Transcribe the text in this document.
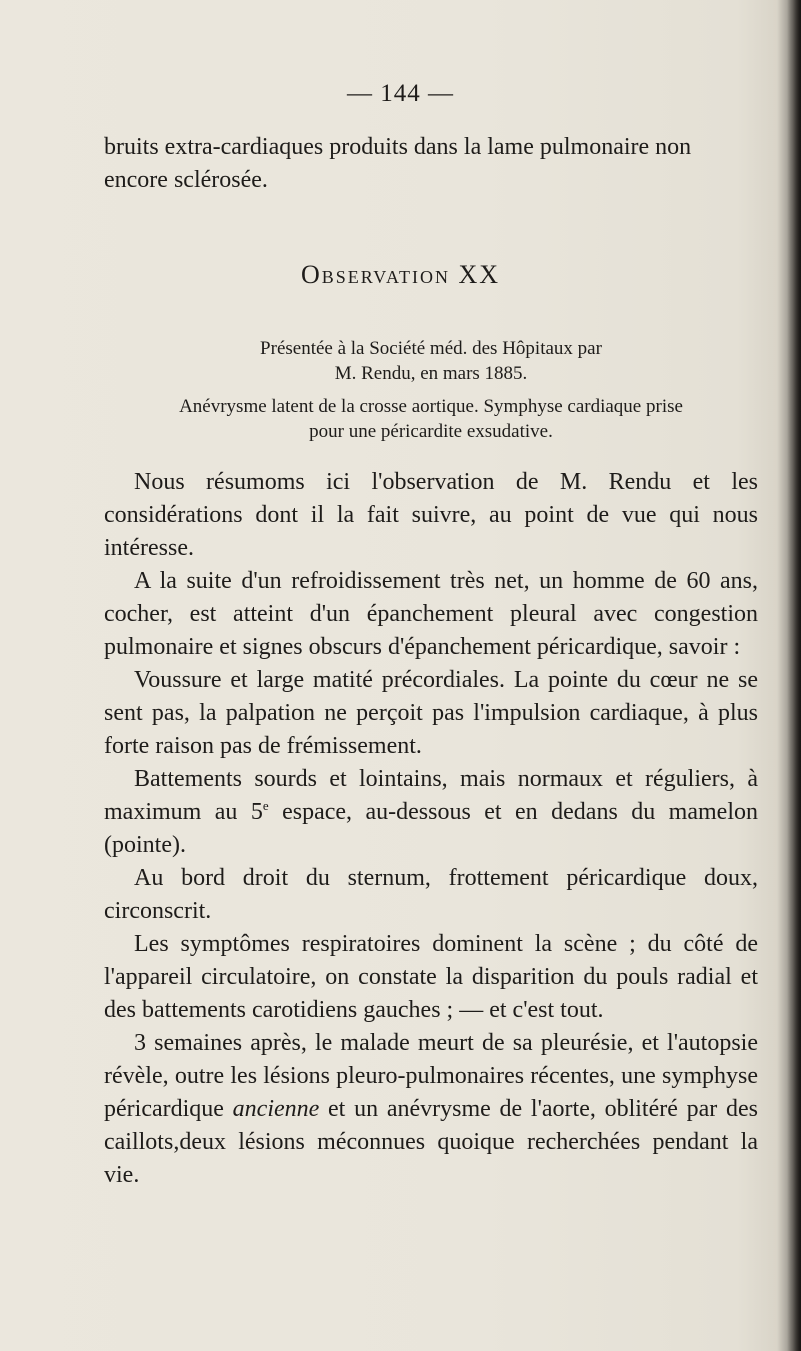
— 144 —

bruits extra-cardiaques produits dans la lame pulmonaire non encore sclérosée.

Observation XX
Présentée à la Société méd. des Hôpitaux par
M. Rendu, en mars 1885.
Anévrysme latent de la crosse aortique. Symphyse cardiaque prise
pour une péricardite exsudative.

Nous résumoms ici l'observation de M. Rendu et les considérations dont il la fait suivre, au point de vue qui nous intéresse.

A la suite d'un refroidissement très net, un homme de 60 ans, cocher, est atteint d'un épanchement pleural avec congestion pulmonaire et signes obscurs d'épanchement péricardique, savoir :

Voussure et large matité précordiales. La pointe du cœur ne se sent pas, la palpation ne perçoit pas l'impulsion cardiaque, à plus forte raison pas de frémissement.

Battements sourds et lointains, mais normaux et réguliers, à maximum au 5e espace, au-dessous et en dedans du mamelon (pointe).

Au bord droit du sternum, frottement péricardique doux, circonscrit.

Les symptômes respiratoires dominent la scène ; du côté de l'appareil circulatoire, on constate la disparition du pouls radial et des battements carotidiens gauches ; — et c'est tout.

3 semaines après, le malade meurt de sa pleurésie, et l'autopsie révèle, outre les lésions pleuro-pulmonaires récentes, une symphyse péricardique ancienne et un anévrysme de l'aorte, oblitéré par des caillots,deux lésions méconnues quoique recherchées pendant la vie.
